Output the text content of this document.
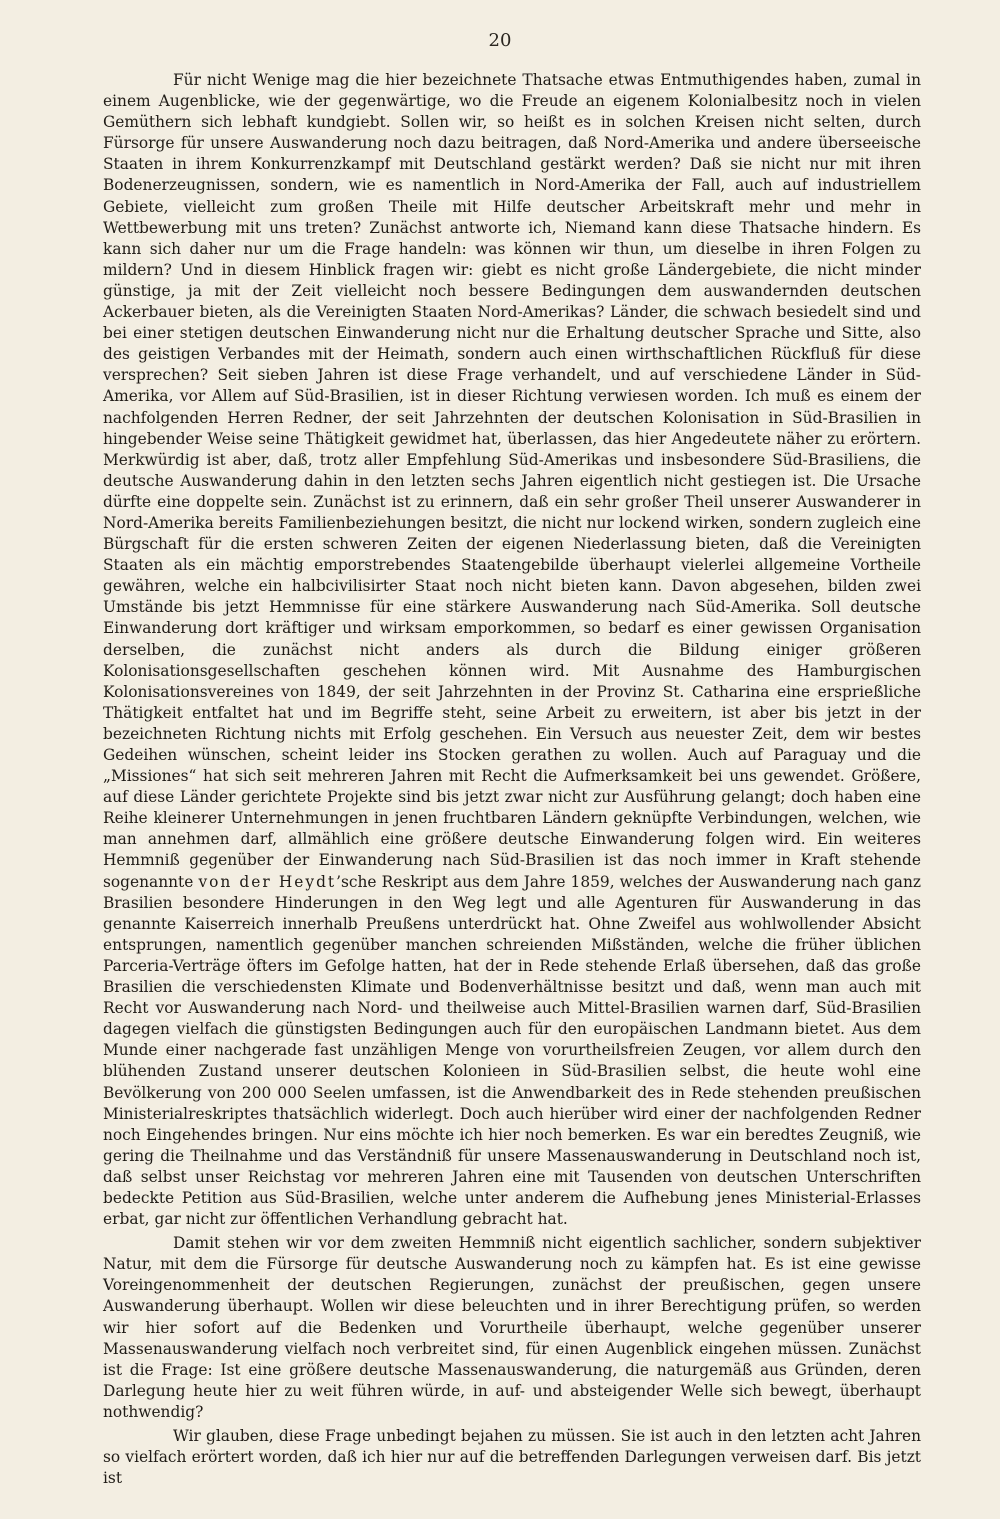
20

Für nicht Wenige mag die hier bezeichnete Thatsache etwas Entmuthigendes haben, zumal in einem Augenblicke, wie der gegenwärtige, wo die Freude an eigenem Kolonialbesitz noch in vielen Gemüthern sich lebhaft kundgiebt. Sollen wir, so heißt es in solchen Kreisen nicht selten, durch Fürsorge für unsere Auswanderung noch dazu beitragen, daß Nord-Amerika und andere überseeische Staaten in ihrem Konkurrenzkampf mit Deutschland gestärkt werden? Daß sie nicht nur mit ihren Bodenerzeugnissen, sondern, wie es namentlich in Nord-Amerika der Fall, auch auf industriellem Gebiete, vielleicht zum großen Theile mit Hilfe deutscher Arbeitskraft mehr und mehr in Wettbewerbung mit uns treten? Zunächst antworte ich, Niemand kann diese Thatsache hindern. Es kann sich daher nur um die Frage handeln: was können wir thun, um dieselbe in ihren Folgen zu mildern? Und in diesem Hinblick fragen wir: giebt es nicht große Ländergebiete, die nicht minder günstige, ja mit der Zeit vielleicht noch bessere Bedingungen dem auswandernden deutschen Ackerbauer bieten, als die Vereinigten Staaten Nord-Amerikas? Länder, die schwach besiedelt sind und bei einer stetigen deutschen Einwanderung nicht nur die Erhaltung deutscher Sprache und Sitte, also des geistigen Verbandes mit der Heimath, sondern auch einen wirthschaftlichen Rückfluß für diese versprechen? Seit sieben Jahren ist diese Frage verhandelt, und auf verschiedene Länder in Süd-Amerika, vor Allem auf Süd-Brasilien, ist in dieser Richtung verwiesen worden. Ich muß es einem der nachfolgenden Herren Redner, der seit Jahrzehnten der deutschen Kolonisation in Süd-Brasilien in hingebender Weise seine Thätigkeit gewidmet hat, überlassen, das hier Angedeutete näher zu erörtern. Merkwürdig ist aber, daß, trotz aller Empfehlung Süd-Amerikas und insbesondere Süd-Brasiliens, die deutsche Auswanderung dahin in den letzten sechs Jahren eigentlich nicht gestiegen ist. Die Ursache dürfte eine doppelte sein. Zunächst ist zu erinnern, daß ein sehr großer Theil unserer Auswanderer in Nord-Amerika bereits Familienbeziehungen besitzt, die nicht nur lockend wirken, sondern zugleich eine Bürgschaft für die ersten schweren Zeiten der eigenen Niederlassung bieten, daß die Vereinigten Staaten als ein mächtig emporstrebendes Staatengebilde überhaupt vielerlei allgemeine Vortheile gewähren, welche ein halbcivilisirter Staat noch nicht bieten kann. Davon abgesehen, bilden zwei Umstände bis jetzt Hemmnisse für eine stärkere Auswanderung nach Süd-Amerika. Soll deutsche Einwanderung dort kräftiger und wirksam emporkommen, so bedarf es einer gewissen Organisation derselben, die zunächst nicht anders als durch die Bildung einiger größeren Kolonisationsgesellschaften geschehen können wird. Mit Ausnahme des Hamburgischen Kolonisationsvereines von 1849, der seit Jahrzehnten in der Provinz St. Catharina eine ersprießliche Thätigkeit entfaltet hat und im Begriffe steht, seine Arbeit zu erweitern, ist aber bis jetzt in der bezeichneten Richtung nichts mit Erfolg geschehen. Ein Versuch aus neuester Zeit, dem wir bestes Gedeihen wünschen, scheint leider ins Stocken gerathen zu wollen. Auch auf Paraguay und die „Missiones“ hat sich seit mehreren Jahren mit Recht die Aufmerksamkeit bei uns gewendet. Größere, auf diese Länder gerichtete Projekte sind bis jetzt zwar nicht zur Ausführung gelangt; doch haben eine Reihe kleinerer Unternehmungen in jenen fruchtbaren Ländern geknüpfte Verbindungen, welchen, wie man annehmen darf, allmählich eine größere deutsche Einwanderung folgen wird. Ein weiteres Hemmniß gegenüber der Einwanderung nach Süd-Brasilien ist das noch immer in Kraft stehende sogenannte von der Heydt’sche Reskript aus dem Jahre 1859, welches der Auswanderung nach ganz Brasilien besondere Hinderungen in den Weg legt und alle Agenturen für Auswanderung in das genannte Kaiserreich innerhalb Preußens unterdrückt hat. Ohne Zweifel aus wohlwollender Absicht entsprungen, namentlich gegenüber manchen schreienden Mißständen, welche die früher üblichen Parceria-Verträge öfters im Gefolge hatten, hat der in Rede stehende Erlaß übersehen, daß das große Brasilien die verschiedensten Klimate und Bodenverhältnisse besitzt und daß, wenn man auch mit Recht vor Auswanderung nach Nord- und theilweise auch Mittel-Brasilien warnen darf, Süd-Brasilien dagegen vielfach die günstigsten Bedingungen auch für den europäischen Landmann bietet. Aus dem Munde einer nachgerade fast unzähligen Menge von vorurtheilsfreien Zeugen, vor allem durch den blühenden Zustand unserer deutschen Kolonieen in Süd-Brasilien selbst, die heute wohl eine Bevölkerung von 200 000 Seelen umfassen, ist die Anwendbarkeit des in Rede stehenden preußischen Ministerialreskriptes thatsächlich widerlegt. Doch auch hierüber wird einer der nachfolgenden Redner noch Eingehendes bringen. Nur eins möchte ich hier noch bemerken. Es war ein beredtes Zeugniß, wie gering die Theilnahme und das Verständniß für unsere Massenauswanderung in Deutschland noch ist, daß selbst unser Reichstag vor mehreren Jahren eine mit Tausenden von deutschen Unterschriften bedeckte Petition aus Süd-Brasilien, welche unter anderem die Aufhebung jenes Ministerial-Erlasses erbat, gar nicht zur öffentlichen Verhandlung gebracht hat.

Damit stehen wir vor dem zweiten Hemmniß nicht eigentlich sachlicher, sondern subjektiver Natur, mit dem die Fürsorge für deutsche Auswanderung noch zu kämpfen hat. Es ist eine gewisse Voreingenommenheit der deutschen Regierungen, zunächst der preußischen, gegen unsere Auswanderung überhaupt. Wollen wir diese beleuchten und in ihrer Berechtigung prüfen, so werden wir hier sofort auf die Bedenken und Vorurtheile überhaupt, welche gegenüber unserer Massenauswanderung vielfach noch verbreitet sind, für einen Augenblick eingehen müssen. Zunächst ist die Frage: Ist eine größere deutsche Massenauswanderung, die naturgemäß aus Gründen, deren Darlegung heute hier zu weit führen würde, in auf- und absteigender Welle sich bewegt, überhaupt nothwendig?

Wir glauben, diese Frage unbedingt bejahen zu müssen. Sie ist auch in den letzten acht Jahren so vielfach erörtert worden, daß ich hier nur auf die betreffenden Darlegungen verweisen darf. Bis jetzt ist
